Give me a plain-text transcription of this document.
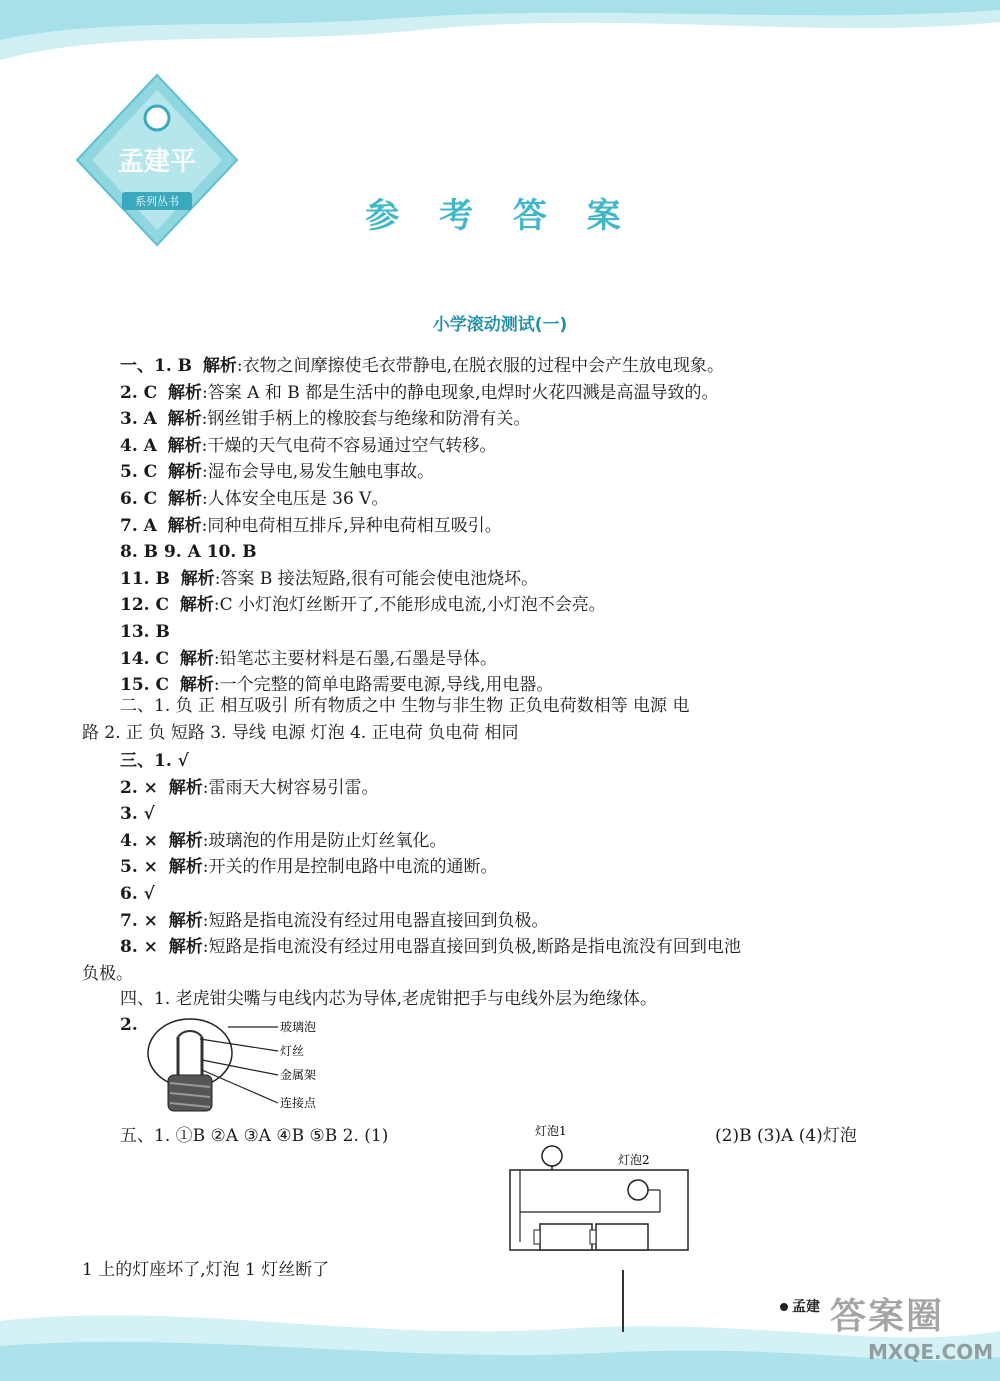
孟建平
系列丛书	参 考 答 案
小学滚动测试(一)
一、1. B 解析:衣物之间摩擦使毛衣带静电,在脱衣服的过程中会产生放电现象。
2. C 解析:答案 A 和 B 都是生活中的静电现象,电焊时火花四溅是高温导致的。
3. A 解析:钢丝钳手柄上的橡胶套与绝缘和防滑有关。
4. A 解析:干燥的天气电荷不容易通过空气转移。
5. C 解析:湿布会导电,易发生触电事故。
6. C 解析:人体安全电压是 36 V。
7. A 解析:同种电荷相互排斥,异种电荷相互吸引。
8. B 9. A 10. B
11. B 解析:答案 B 接法短路,很有可能会使电池烧坏。
12. C 解析:C 小灯泡灯丝断开了,不能形成电流,小灯泡不会亮。
13. B
14. C 解析:铅笔芯主要材料是石墨,石墨是导体。
15. C 解析:一个完整的简单电路需要电源,导线,用电器。
二、1. 负 正 相互吸引 所有物质之中 生物与非生物 正负电荷数相等 电源 电
路 2. 正 负 短路 3. 导线 电源 灯泡 4. 正电荷 负电荷 相同
三、1. √
2. × 解析:雷雨天大树容易引雷。
3. √
4. × 解析:玻璃泡的作用是防止灯丝氧化。
5. × 解析:开关的作用是控制电路中电流的通断。
6. √
7. × 解析:短路是指电流没有经过用电器直接回到负极。
8. × 解析:短路是指电流没有经过用电器直接回到负极,断路是指电流没有回到电池
负极。
四、1. 老虎钳尖嘴与电线内芯为导体,老虎钳把手与电线外层为绝缘体。
2.	玻璃泡
灯丝
金属架
连接点
五、1. ①B ②A ③A ④B ⑤B 2. (1)	(2)B (3)A (4)灯泡
灯泡1
灯泡2
1 上的灯座坏了,灯泡 1 灯丝断了
孟建 答案圈
MXQE.COM
